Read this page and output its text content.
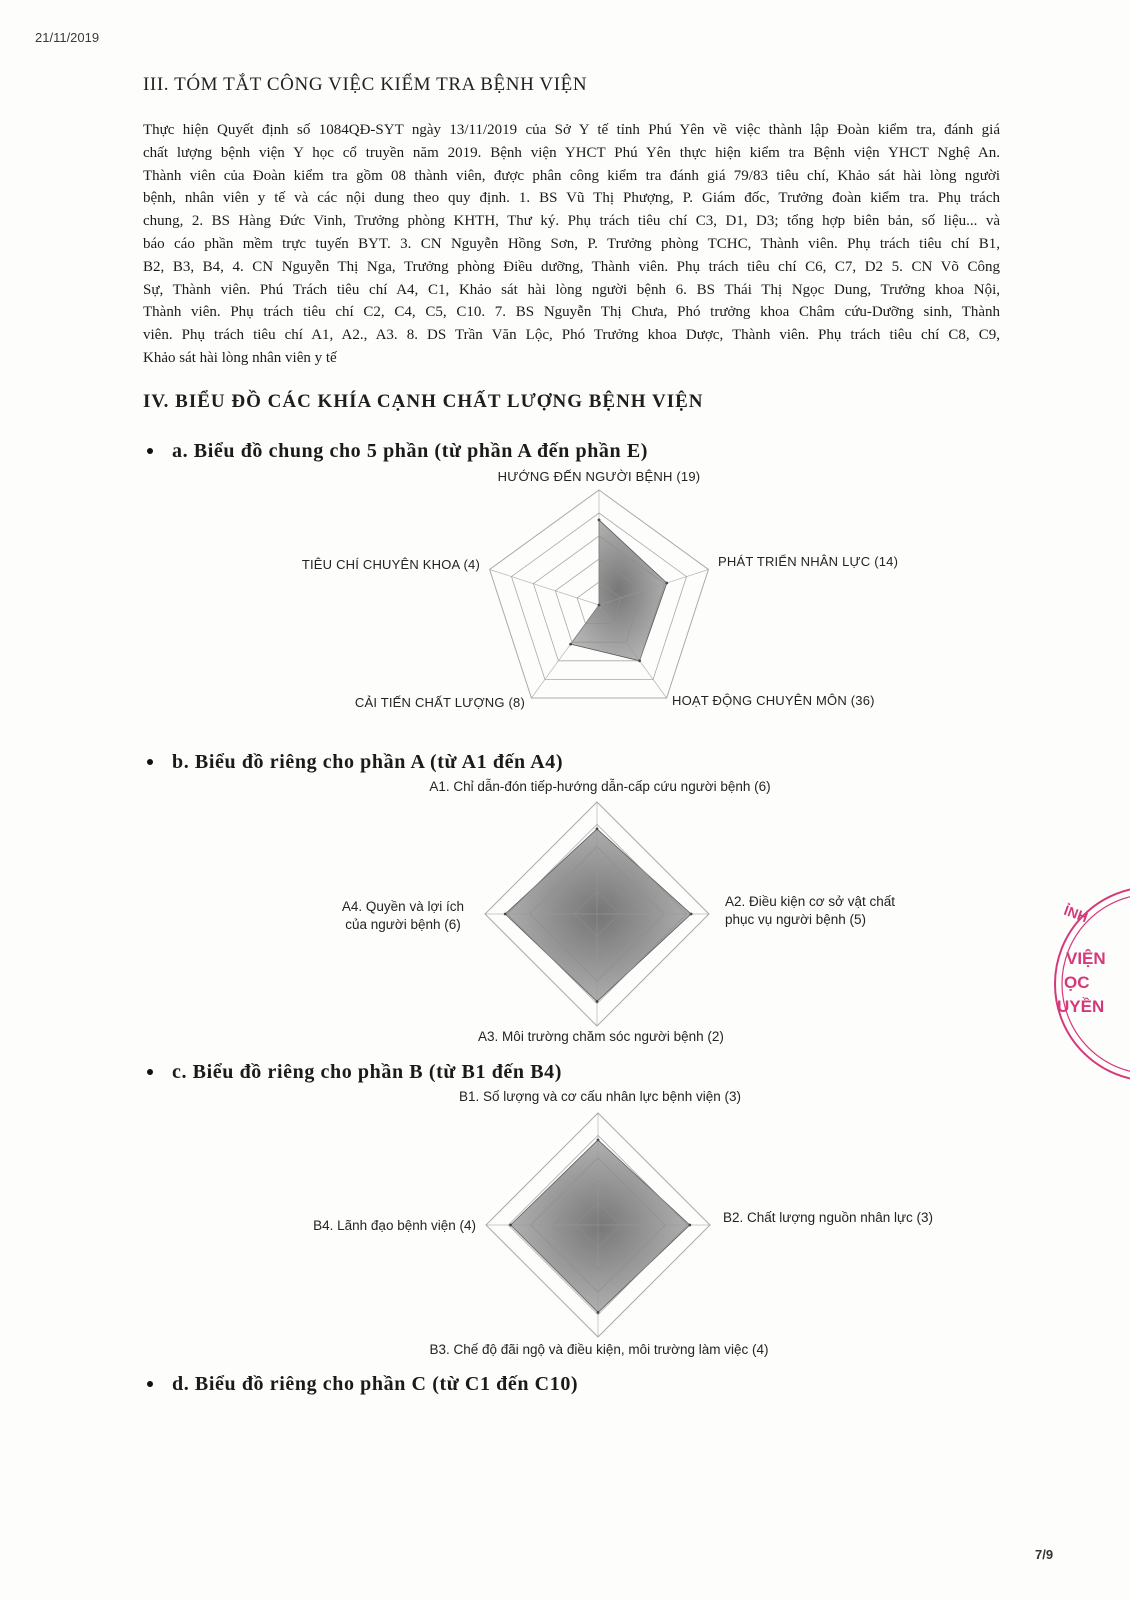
21/11/2019
III. TÓM TẮT CÔNG VIỆC KIỂM TRA BỆNH VIỆN
Thực hiện Quyết định số 1084QĐ-SYT ngày 13/11/2019 của Sở Y tế tỉnh Phú Yên về việc thành lập Đoàn kiểm tra, đánh giá
chất lượng bệnh viện Y học cổ truyền năm 2019. Bệnh viện YHCT Phú Yên thực hiện kiểm tra Bệnh viện YHCT Nghệ An.
Thành viên của Đoàn kiểm tra gồm 08 thành viên, được phân công kiểm tra đánh giá 79/83 tiêu chí, Khảo sát hài lòng người
bệnh, nhân viên y tế và các nội dung theo quy định. 1. BS Vũ Thị Phượng, P. Giám đốc, Trưởng đoàn kiểm tra. Phụ trách
chung, 2. BS Hàng Đức Vinh, Trưởng phòng KHTH, Thư ký. Phụ trách tiêu chí C3, D1, D3; tổng hợp biên bản, số liệu... và
báo cáo phần mềm trực tuyến BYT. 3. CN Nguyễn Hồng Sơn, P. Trưởng phòng TCHC, Thành viên. Phụ trách tiêu chí B1,
B2, B3, B4, 4. CN Nguyễn Thị Nga, Trưởng phòng Điều dưỡng, Thành viên. Phụ trách tiêu chí C6, C7, D2 5. CN Võ Công
Sự, Thành viên. Phú Trách tiêu chí A4, C1, Khảo sát hài lòng người bệnh 6. BS Thái Thị Ngọc Dung, Trưởng khoa Nội,
Thành viên. Phụ trách tiêu chí C2, C4, C5, C10. 7. BS Nguyễn Thị Chưa, Phó trưởng khoa Châm cứu-Dưỡng sinh, Thành
viên. Phụ trách tiêu chí A1, A2., A3. 8. DS Trần Văn Lộc, Phó Trưởng khoa Dược, Thành viên. Phụ trách tiêu chí C8, C9,
Khảo sát hài lòng nhân viên y tế
IV. BIỂU ĐỒ CÁC KHÍA CẠNH CHẤT LƯỢNG BỆNH VIỆN
a. Biểu đồ chung cho 5 phần (từ phần A đến phần E)
HƯỚNG ĐẾN NGƯỜI BỆNH (19)
PHÁT TRIỂN NHÂN LỰC (14)
HOẠT ĐỘNG CHUYÊN MÔN (36)
CẢI TIẾN CHẤT LƯỢNG (8)
TIÊU CHÍ CHUYÊN KHOA (4)
b. Biểu đồ riêng cho phần A (từ A1 đến A4)
A1. Chỉ dẫn-đón tiếp-hướng dẫn-cấp cứu người bệnh (6)
A2. Điều kiện cơ sở vật chất
phục vụ người bệnh (5)
A3. Môi trường chăm sóc người bệnh (2)
A4. Quyền và lợi ích
của người bệnh (6)
c. Biểu đồ riêng cho phần B (từ B1 đến B4)
B1. Số lượng và cơ cấu nhân lực bệnh viện (3)
B2. Chất lượng nguồn nhân lực (3)
B3. Chế độ đãi ngộ và điều kiện, môi trường làm việc (4)
B4. Lãnh đạo bệnh viện (4)
d. Biểu đồ riêng cho phần C (từ C1 đến C10)
ỈNH
VIỆN
ỌC
UYỀN
7/9
